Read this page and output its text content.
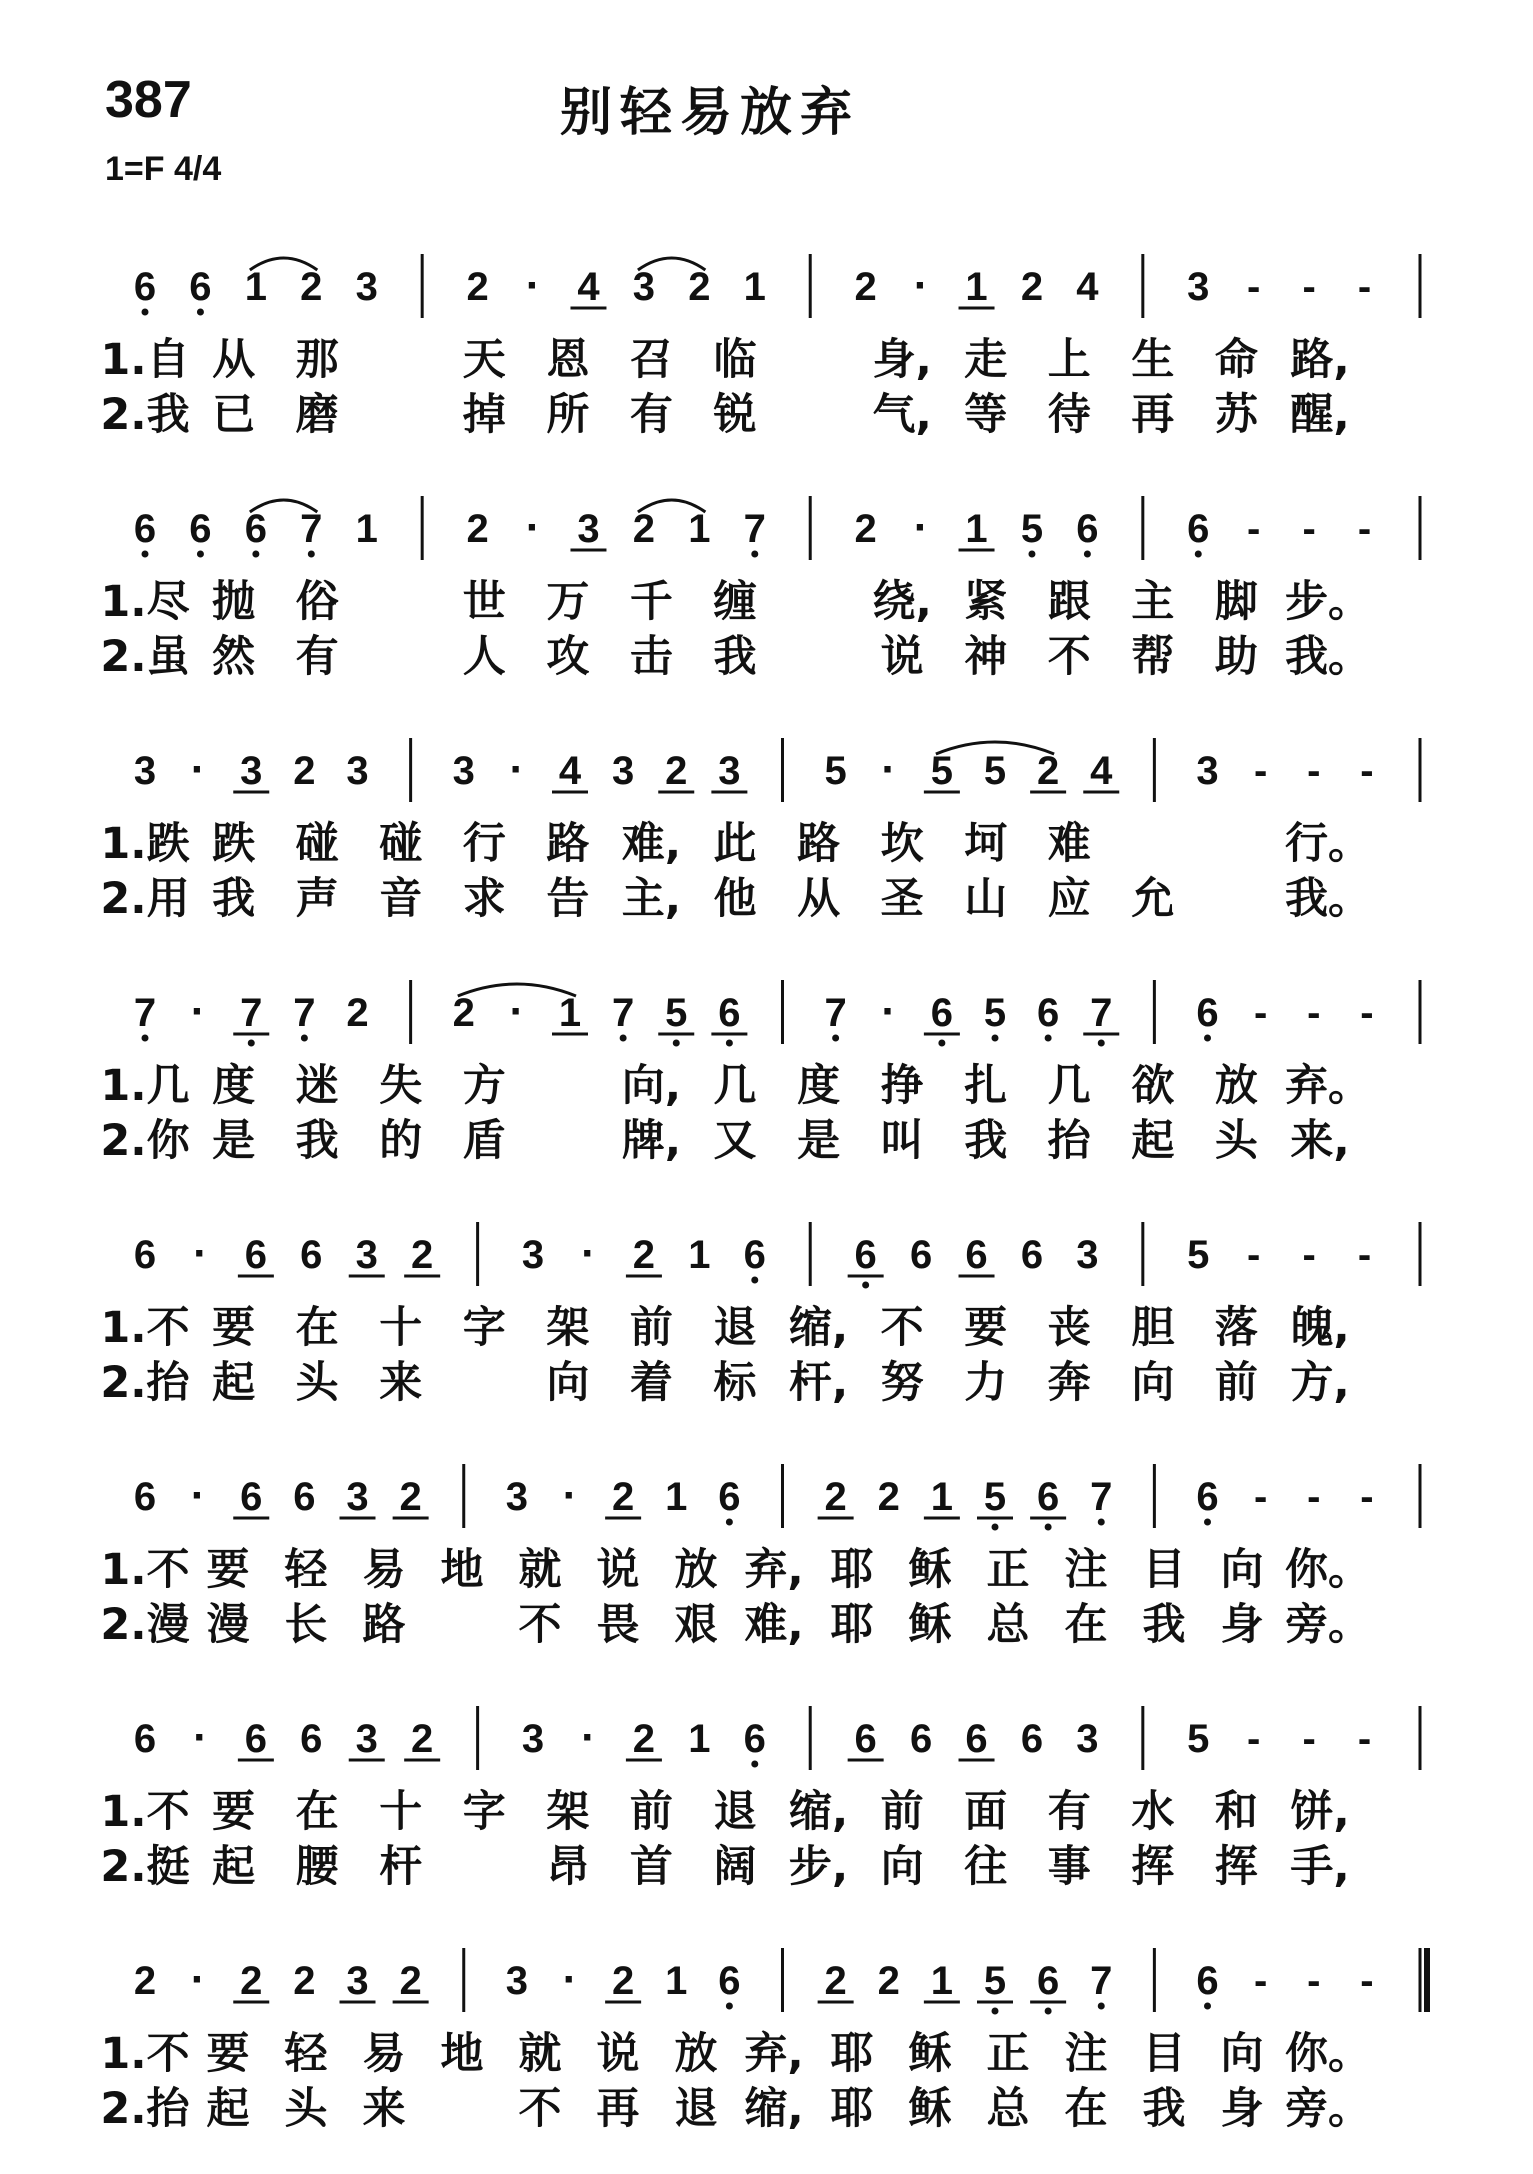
387	别轻易放弃
1=F 4/4
6 6 1 2 3 2 · 4 3 2 1 2 · 1 2 4 3 - - -
1.自 从 那	天 恩 召 临	身, 走 上 生 命 路,
2.我 已 磨	掉 所 有 锐	气, 等 待 再 苏 醒,
6 6 6 7 1 2 · 3 2 1 7 2 · 1 5 6 6 - - -
1.尽 抛 俗	世 万 千 缠	绕, 紧 跟 主 脚 步。
2.虽 然 有	人 攻 击 我	说 神 不 帮 助 我。
3 · 3 2 3 3 · 4 3 2 3 5 · 5 5 2 4 3 - - -
1.跌 跌 碰 碰 行 路 难, 此 路 坎 坷 难	行。
2.用 我 声 音 求 告 主, 他 从 圣 山 应 允	我。
7 · 7 7 2 2 · 1 7 5 6 7 · 6 5 6 7 6 - - -
1.几 度 迷 失 方	向, 几 度 挣 扎 几 欲 放 弃。
2.你 是 我 的 盾	牌, 又 是 叫 我 抬 起 头 来,
6 · 6 6 3 2 3 · 2 1 6 6 6 6 6 3 5 - - -
1.不 要 在 十 字 架 前 退 缩, 不 要 丧 胆 落 魄,
2.抬 起 头 来	向 着 标 杆, 努 力 奔 向 前 方,
6 · 6 6 3 2 3 · 2 1 6 2 2 1 5 6 7 6 - - -
1.不 要 轻 易 地 就 说 放 弃, 耶 稣 正 注 目 向 你。
2.漫 漫 长 路	不 畏 艰 难, 耶 稣 总 在 我 身 旁。
6 · 6 6 3 2 3 · 2 1 6 6 6 6 6 3 5 - - -
1.不 要 在 十 字 架 前 退 缩, 前 面 有 水 和 饼,
2.挺 起 腰 杆	昂 首 阔 步, 向 往 事 挥 挥 手,
2 · 2 2 3 2 3 · 2 1 6 2 2 1 5 6 7 6 - - -
1.不 要 轻 易 地 就 说 放 弃, 耶 稣 正 注 目 向 你。
2.抬 起 头 来	不 再 退 缩, 耶 稣 总 在 我 身 旁。
